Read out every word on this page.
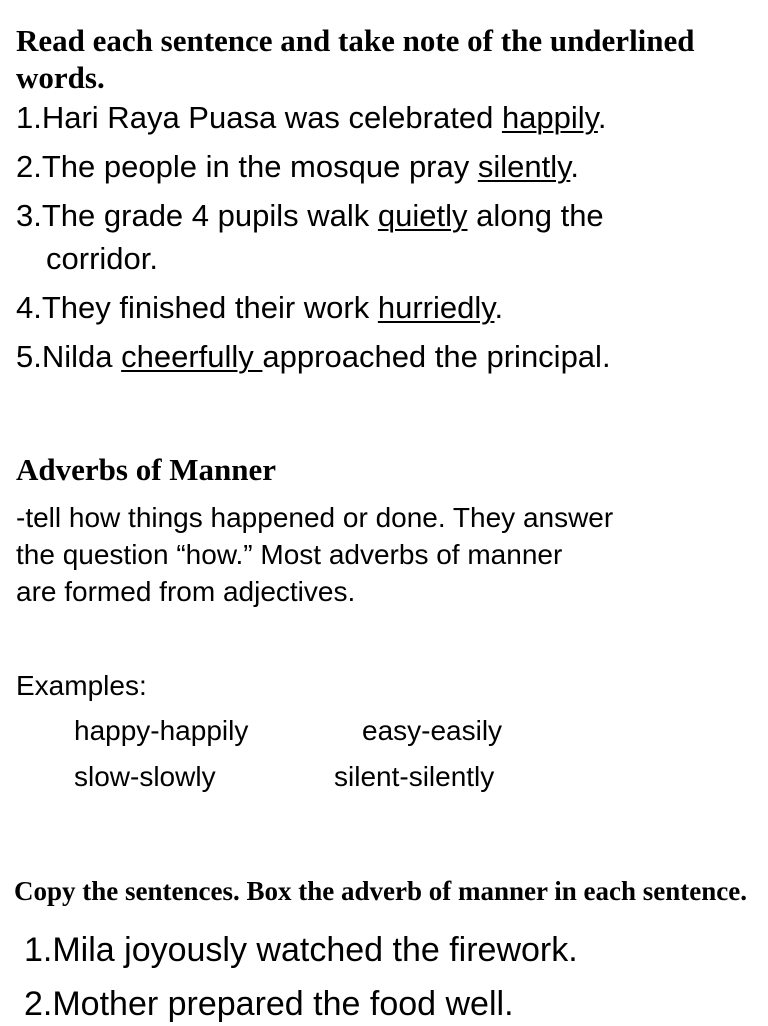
Read each sentence and take note of the underlined words.
1.Hari Raya Puasa was celebrated happily.
2.The people in the mosque pray silently.
3.The grade 4 pupils walk quietly along the
corridor.
4.They finished their work hurriedly.
5.Nilda cheerfully approached the principal.
Adverbs of Manner
-tell how things happened or done. They answer
the question “how.” Most adverbs of manner
are formed from adjectives.
Examples:
happy-happily	easy-easily
slow-slowly	silent-silently
Copy the sentences. Box the adverb of manner in each sentence.
1.Mila joyously watched the firework.
2.Mother prepared the food well.
